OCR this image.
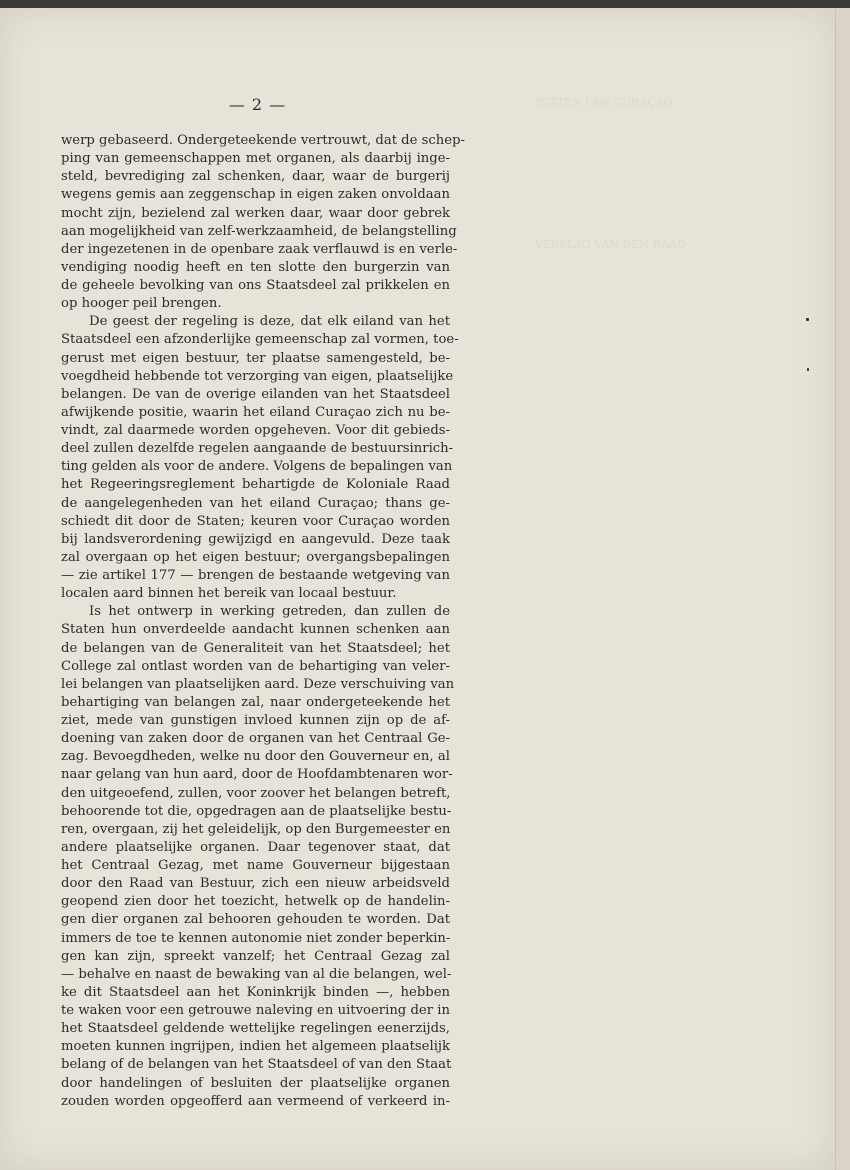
STATEN VAN CURAÇAO
VERSLAG VAN DEN RAAD
— 2 —
werp gebaseerd. Ondergeteekende vertrouwt, dat de schep-
ping van gemeenschappen met organen, als daarbij inge-
steld, bevrediging zal schenken, daar, waar de burgerij
wegens gemis aan zeggenschap in eigen zaken onvoldaan
mocht zijn, bezielend zal werken daar, waar door gebrek
aan mogelijkheid van zelf-werkzaamheid, de belangstelling
der ingezetenen in de openbare zaak verflauwd is en verle-
vendiging noodig heeft en ten slotte den burgerzin van
de geheele bevolking van ons Staatsdeel zal prikkelen en
op hooger peil brengen.
De geest der regeling is deze, dat elk eiland van het
Staatsdeel een afzonderlijke gemeenschap zal vormen, toe-
gerust met eigen bestuur, ter plaatse samengesteld, be-
voegdheid hebbende tot verzorging van eigen, plaatselijke
belangen. De van de overige eilanden van het Staatsdeel
afwijkende positie, waarin het eiland Curaçao zich nu be-
vindt, zal daarmede worden opgeheven. Voor dit gebieds-
deel zullen dezelfde regelen aangaande de bestuursinrich-
ting gelden als voor de andere. Volgens de bepalingen van
het Regeeringsreglement behartigde de Koloniale Raad
de aangelegenheden van het eiland Curaçao; thans ge-
schiedt dit door de Staten; keuren voor Curaçao worden
bij landsverordening gewijzigd en aangevuld. Deze taak
zal overgaan op het eigen bestuur; overgangsbepalingen
— zie artikel 177 — brengen de bestaande wetgeving van
localen aard binnen het bereik van locaal bestuur.
Is het ontwerp in werking getreden, dan zullen de
Staten hun onverdeelde aandacht kunnen schenken aan
de belangen van de Generaliteit van het Staatsdeel; het
College zal ontlast worden van de behartiging van veler-
lei belangen van plaatselijken aard. Deze verschuiving van
behartiging van belangen zal, naar ondergeteekende het
ziet, mede van gunstigen invloed kunnen zijn op de af-
doening van zaken door de organen van het Centraal Ge-
zag. Bevoegdheden, welke nu door den Gouverneur en, al
naar gelang van hun aard, door de Hoofdambtenaren wor-
den uitgeoefend, zullen, voor zoover het belangen betreft,
behoorende tot die, opgedragen aan de plaatselijke bestu-
ren, overgaan, zij het geleidelijk, op den Burgemeester en
andere plaatselijke organen. Daar tegenover staat, dat
het Centraal Gezag, met name Gouverneur bijgestaan
door den Raad van Bestuur, zich een nieuw arbeidsveld
geopend zien door het toezicht, hetwelk op de handelin-
gen dier organen zal behooren gehouden te worden. Dat
immers de toe te kennen autonomie niet zonder beperkin-
gen kan zijn, spreekt vanzelf; het Centraal Gezag zal
— behalve en naast de bewaking van al die belangen, wel-
ke dit Staatsdeel aan het Koninkrijk binden —, hebben
te waken voor een getrouwe naleving en uitvoering der in
het Staatsdeel geldende wettelijke regelingen eenerzijds,
moeten kunnen ingrijpen, indien het algemeen plaatselijk
belang of de belangen van het Staatsdeel of van den Staat
door handelingen of besluiten der plaatselijke organen
zouden worden opgeofferd aan vermeend of verkeerd in-
